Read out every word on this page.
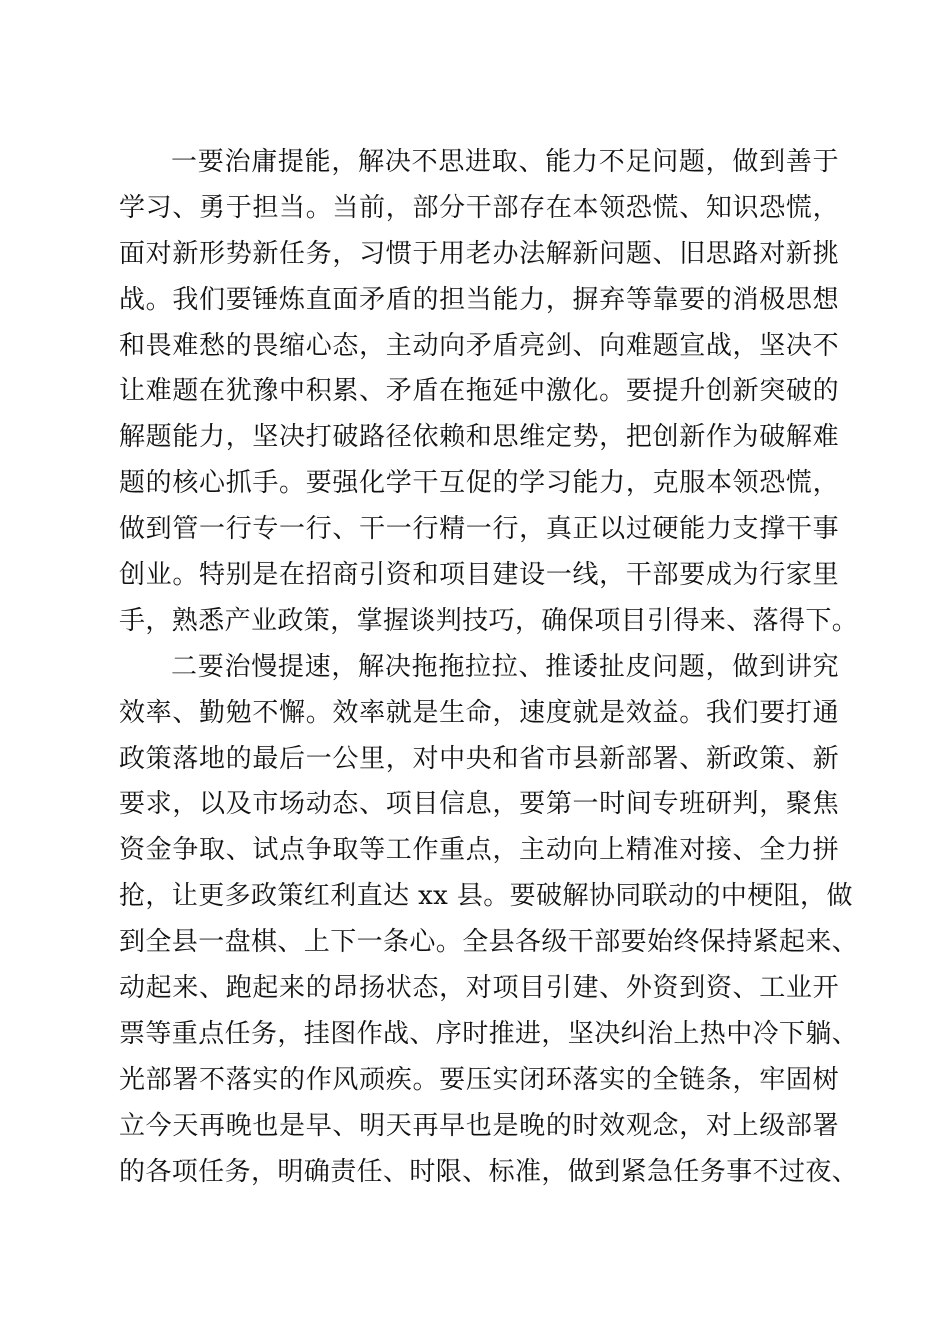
一要治庸提能，解决不思进取、能力不足问题，做到善于
学习、勇于担当。当前，部分干部存在本领恐慌、知识恐慌，
面对新形势新任务，习惯于用老办法解新问题、旧思路对新挑
战。我们要锤炼直面矛盾的担当能力，摒弃等靠要的消极思想
和畏难愁的畏缩心态，主动向矛盾亮剑、向难题宣战，坚决不
让难题在犹豫中积累、矛盾在拖延中激化。要提升创新突破的
解题能力，坚决打破路径依赖和思维定势，把创新作为破解难
题的核心抓手。要强化学干互促的学习能力，克服本领恐慌，
做到管一行专一行、干一行精一行，真正以过硬能力支撑干事
创业。特别是在招商引资和项目建设一线，干部要成为行家里
手，熟悉产业政策，掌握谈判技巧，确保项目引得来、落得下。
二要治慢提速，解决拖拖拉拉、推诿扯皮问题，做到讲究
效率、勤勉不懈。效率就是生命，速度就是效益。我们要打通
政策落地的最后一公里，对中央和省市县新部署、新政策、新
要求，以及市场动态、项目信息，要第一时间专班研判，聚焦
资金争取、试点争取等工作重点，主动向上精准对接、全力拼
抢，让更多政策红利直达 xx 县。要破解协同联动的中梗阻，做
到全县一盘棋、上下一条心。全县各级干部要始终保持紧起来、
动起来、跑起来的昂扬状态，对项目引建、外资到资、工业开
票等重点任务，挂图作战、序时推进，坚决纠治上热中冷下躺、
光部署不落实的作风顽疾。要压实闭环落实的全链条，牢固树
立今天再晚也是早、明天再早也是晚的时效观念，对上级部署
的各项任务，明确责任、时限、标准，做到紧急任务事不过夜、
